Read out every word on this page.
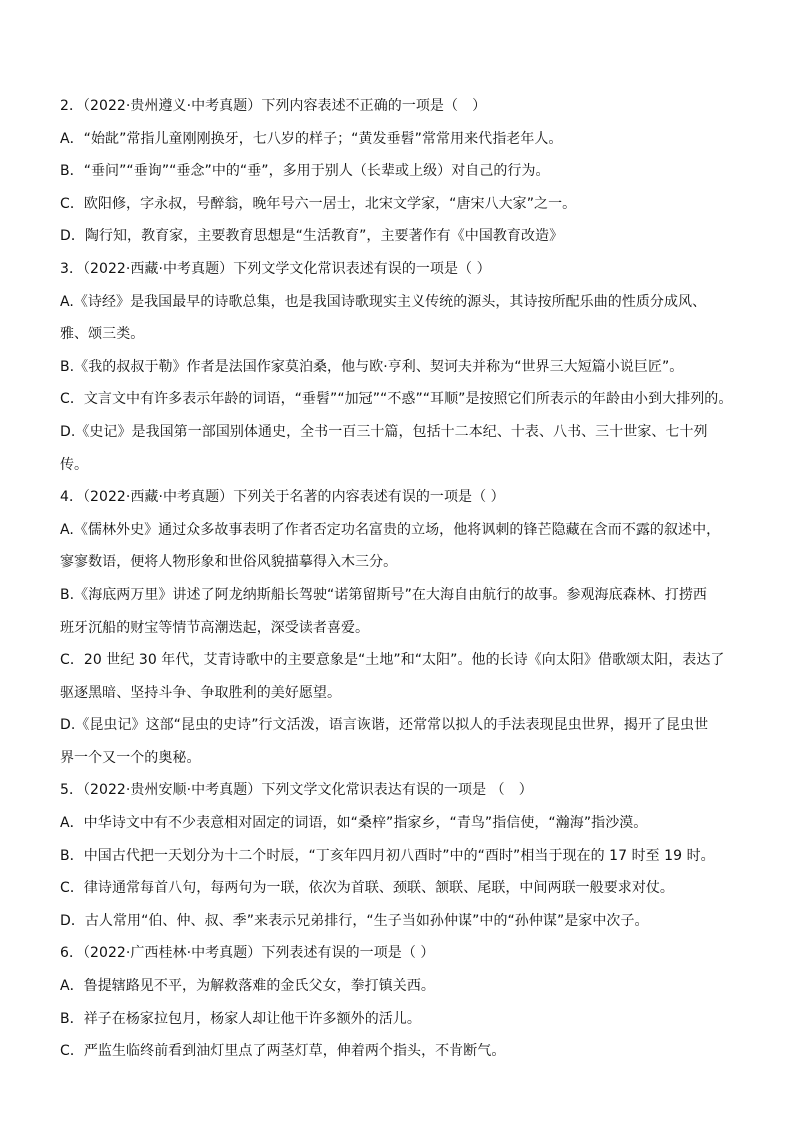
2．（2022·贵州遵义·中考真题）下列内容表述不正确的一项是（　）
A．“始龀”常指儿童刚刚换牙，七八岁的样子；“黄发垂髫”常常用来代指老年人。
B．“垂问”“垂询”“垂念”中的“垂”，多用于别人（长辈或上级）对自己的行为。
C．欧阳修，字永叔，号醉翁，晚年号六一居士，北宋文学家，“唐宋八大家”之一。
D．陶行知，教育家，主要教育思想是“生活教育”，主要著作有《中国教育改造》
3．（2022·西藏·中考真题）下列文学文化常识表述有误的一项是（ ）
A.《诗经》是我国最早的诗歌总集，也是我国诗歌现实主义传统的源头，其诗按所配乐曲的性质分成风、
雅、颂三类。
B.《我的叔叔于勒》作者是法国作家莫泊桑，他与欧·亨利、契诃夫并称为“世界三大短篇小说巨匠”。
C．文言文中有许多表示年龄的词语，“垂髫”“加冠”“不惑”“耳顺”是按照它们所表示的年龄由小到大排列的。
D.《史记》是我国第一部国别体通史，全书一百三十篇，包括十二本纪、十表、八书、三十世家、七十列
传。
4．（2022·西藏·中考真题）下列关于名著的内容表述有误的一项是（ ）
A.《儒林外史》通过众多故事表明了作者否定功名富贵的立场，他将讽刺的锋芒隐藏在含而不露的叙述中，
寥寥数语，便将人物形象和世俗风貌描摹得入木三分。
B.《海底两万里》讲述了阿龙纳斯船长驾驶“诺第留斯号”在大海自由航行的故事。参观海底森林、打捞西
班牙沉船的财宝等情节高潮迭起，深受读者喜爱。
C．20 世纪 30 年代，艾青诗歌中的主要意象是“土地”和“太阳”。他的长诗《向太阳》借歌颂太阳，表达了
驱逐黑暗、坚持斗争、争取胜利的美好愿望。
D.《昆虫记》这部“昆虫的史诗”行文活泼，语言诙谐，还常常以拟人的手法表现昆虫世界，揭开了昆虫世
界一个又一个的奥秘。
5．（2022·贵州安顺·中考真题）下列文学文化常识表达有误的一项是 （　）
A．中华诗文中有不少表意相对固定的词语，如“桑梓”指家乡，“青鸟”指信使，“瀚海”指沙漠。
B．中国古代把一天划分为十二个时辰，“丁亥年四月初八酉时”中的“酉时”相当于现在的 17 时至 19 时。
C．律诗通常每首八句，每两句为一联，依次为首联、颈联、颔联、尾联，中间两联一般要求对仗。
D．古人常用“伯、仲、叔、季”来表示兄弟排行，“生子当如孙仲谋”中的“孙仲谋”是家中次子。
6．（2022·广西桂林·中考真题）下列表述有误的一项是（ ）
A．鲁提辖路见不平，为解救落难的金氏父女，拳打镇关西。
B．祥子在杨家拉包月，杨家人却让他干许多额外的活儿。
C．严监生临终前看到油灯里点了两茎灯草，伸着两个指头，不肯断气。
